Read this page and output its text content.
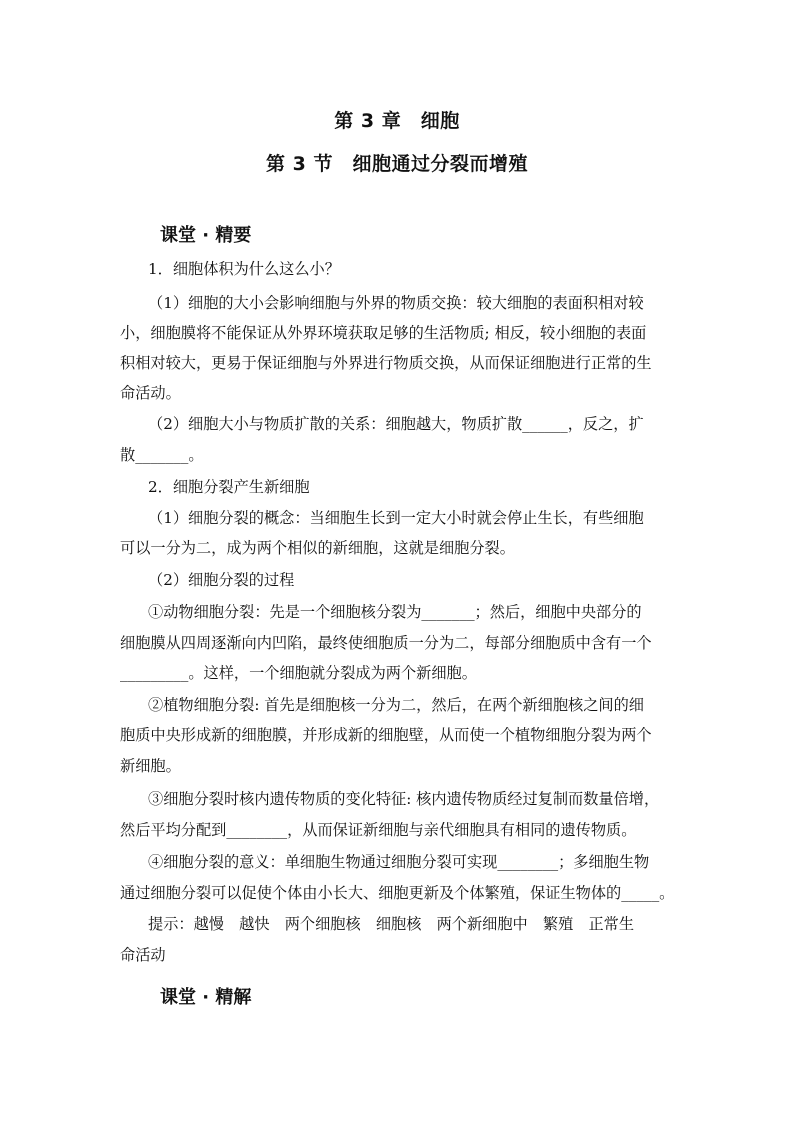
第 3 章　细胞
第 3 节　细胞通过分裂而增殖
课堂 · 精要
1．细胞体积为什么这么小？
（1）细胞的大小会影响细胞与外界的物质交换：较大细胞的表面积相对较
小，细胞膜将不能保证从外界环境获取足够的生活物质; 相反，较小细胞的表面
积相对较大，更易于保证细胞与外界进行物质交换，从而保证细胞进行正常的生
命活动。
（2）细胞大小与物质扩散的关系：细胞越大，物质扩散______，反之，扩
散_______。
2．细胞分裂产生新细胞
（1）细胞分裂的概念：当细胞生长到一定大小时就会停止生长，有些细胞
可以一分为二，成为两个相似的新细胞，这就是细胞分裂。
（2）细胞分裂的过程
①动物细胞分裂：先是一个细胞核分裂为_______；然后，细胞中央部分的
细胞膜从四周逐渐向内凹陷，最终使细胞质一分为二，每部分细胞质中含有一个
_________。这样，一个细胞就分裂成为两个新细胞。
②植物细胞分裂: 首先是细胞核一分为二，然后，在两个新细胞核之间的细
胞质中央形成新的细胞膜，并形成新的细胞壁，从而使一个植物细胞分裂为两个
新细胞。
③细胞分裂时核内遗传物质的变化特征: 核内遗传物质经过复制而数量倍增，
然后平均分配到________，从而保证新细胞与亲代细胞具有相同的遗传物质。
④细胞分裂的意义：单细胞生物通过细胞分裂可实现________；多细胞生物
通过细胞分裂可以促使个体由小长大、细胞更新及个体繁殖，保证生物体的_____。
提示：越慢　越快　两个细胞核　细胞核　两个新细胞中　繁殖　正常生
命活动
课堂 · 精解
